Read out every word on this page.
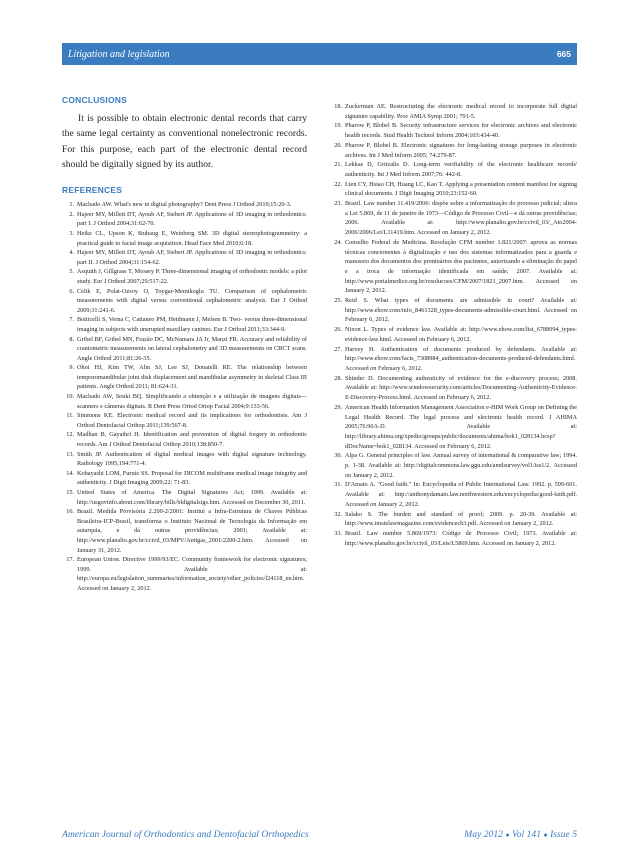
Litigation and legislation	665
CONCLUSIONS

It is possible to obtain electronic dental records that carry the same legal certainty as conventional nonelectronic records. For this purpose, each part of the electronic dental record should be digitally signed by its author.

REFERENCES
1. Machado AW. What's new in digital photography? Dent Press J Orthod 2010;15:20-3.
2. Hajeer MY, Millett DT, Ayoub AF, Siebert JP. Applications of 3D imaging in orthodontics: part I. J Orthod 2004;31:62-70.
3. Heike CL, Upson K, Stuhaug E, Weinberg SM. 3D digital stereophotogrammetry: a practical guide to facial image acquisition. Head Face Med 2010;6:18.
4. Hajeer MY, Millett DT, Ayoub AF, Siebert JP. Applications of 3D imaging in orthodontics: part II. J Orthod 2004;31:154-62.
5. Asquith J, Gillgrass T, Mossey P. Three-dimensional imaging of orthodontic models: a pilot study. Eur J Orthod 2007;29:517-22.
6. Celik E, Polat-Ozsoy O, Toygar-Memikoglu TU. Comparison of cephalometric measurements with digital versus conventional cephalometric analysis. Eur J Orthod 2009;31:241-6.
7. Botticelli S, Verna C, Cattaneo PM, Heidmann J, Melsen B. Two- versus three-dimensional imaging in subjects with unerupted maxillary canines. Eur J Orthod 2011;33:344-9.
8. Gribel BF, Gribel MN, Frazão DC, McNamara JA Jr, Manzi FR. Accuracy and reliability of craniometric measurements on lateral cephalometry and 3D measurements on CBCT scans. Angle Orthod 2011;81:26-35.
9. Ohoi HJ, Kim TW, Ahn SJ, Lee SJ, Donatelli RE. The relationship between temporomandibular joint disk displacement and mandibular asymmetry in skeletal Class III patients. Angle Orthod 2011; 81:624-31.
10. Machado AW, Souki BQ. Simplificando a obtenção e a utilização de imagens digitais—scanners e câmeras digitais. R Dent Press Ortod Ortop Facial 2004;9:133-56.
11. Simmons KE. Electronic medical record and its implications for orthodontists. Am J Orthod Dentofacial Orthop 2011;139:567-8.
12. Madhan B, Gayathri H. Identification and prevention of digital forgery in orthodontic records. Am J Orthod Dentofacial Orthop 2010;138:850-7.
13. Smith JP. Authentication of digital medical images with digital signature technology. Radiology 1995;194:771-4.
14. Kobayashi LOM, Furuie SS. Proposal for DICOM multiframe medical image integrity and authenticity. J Digit Imaging 2009;22: 71-83.
15. United States of America. The Digital Signatures Act; 1999. Available at: http://usgovinfo.about.com/library/bills/bldigitalsigs.htm. Accessed on December 30, 2011.
16. Brazil. Medida Provisória 2.200-2/2001: Institui a Infra-Estrutura de Chaves Públicas Brasileira-ICP-Brasil, transforma o Instituto Nacional de Tecnologia da Informação em autarquia, e dá outras providências; 2001; Available at: http://www.planalto.gov.br/ccivil_03/MPV/Antigas_2001/2200-2.htm. Accessed on January 31, 2012.
17. European Union. Directive 1999/93/EC. Community framework for electronic signatures; 1999. Available at: http://europa.eu/legislation_summaries/information_society/other_policies/l24118_en.htm. Accessed on January 2, 2012.
18. Zuckerman AE. Restructuring the electronic medical record to incorporate full digital signature capability. Proc AMIA Symp 2001; 791-5.
19. Pharow P, Blobel B. Security infrastructure services for electronic archives and electronic health records. Stud Health Technol Inform 2004;103:434-40.
20. Pharow P, Blobel B. Electronic signatures for long-lasting storage purposes in electronic archives. Int J Med Inform 2005; 74:279-87.
21. Lekkas D, Gritzalis D. Long-term verifiability of the electronic healthcare records' authenticity. Int J Med Inform 2007;76: 442-8.
22. Lien CY, Hsiao CH, Huang LC, Kao T. Applying a presentation content manifest for signing clinical documents. J Digit Imaging 2010;23:152-60.
23. Brazil. Law number 11.419/2006: dispõe sobre a informatização do processo judicial; altera a Lei 5.869, de 11 de janeiro de 1973—Código de Processo Civil—e dá outras providências; 2006. Available at: http://www.planalto.gov.br/ccivil_03/_Ato2004-2006/2006/Lei/L11419.htm. Accessed on January 2, 2012.
24. Conselho Federal de Medicina. Resolução CFM number 1.821/2007: aprova as normas técnicas concernentes à digitalização e uso dos sistemas informatizados para a guarda e manuseio dos documentos dos prontuários dos pacientes, autorizando a eliminação do papel e a troca de informação identificada em saúde; 2007. Available at: http://www.portalmedico.org.br/resolucoes/CFM/2007/1821_2007.htm. Accessed on January 2, 2012.
25. Reid S. What types of documents are admissible in court? Available at: http://www.ehow.com/info_8461328_types-documents-admissible-court.html. Accessed on February 6, 2012.
26. Nixon L. Types of evidence law. Available at: http://www.ehow.com/list_6788094_types-evidence-law.html. Accessed on February 6, 2012.
27. Harvey H. Authentication of documents produced by defendants. Available at: http://www.ehow.com/facts_7308984_authentication-documents-produced-defendants.html. Accessed on February 6, 2012.
28. Shinder D. Documenting authenticity of evidence for the e-discovery process; 2008. Available at: http://www.windowsecurity.com/articles/Documenting-Authenticity-Evidence-E-Discovery-Process.html. Accessed on February 6, 2012.
29. American Health Information Management Association e-HIM Work Group on Defining the Legal Health Record. The legal process and electronic health record. J AHIMA 2005;76:96A-D. Available at: http://library.ahima.org/xpedio/groups/public/documents/ahima/bok1_028134.hcsp?dDocName=bok1_028134. Accessed on February 6, 2012.
30. Alpa G. General principles of law. Annual survey of international & comparative law; 1994. p. 1-38. Available at: http://digitalcommons.law.ggu.edu/annlsurvey/vol1/iss1/2. Accessed on January 2, 2012.
31. D'Amato A. "Good faith." In: Encyclopedia of Public International Law. 1992. p. 599-601. Available at: http://anthonydamato.law.northwestern.edu/encyclopedia/good-faith.pdf. Accessed on January 2, 2012.
32. Salako S. The burden and standard of proof; 2009. p. 20-39. Available at: http://www.imstelawmagazine.com/evidencech3.pdf. Accessed on January 2, 2012.
33. Brazil. Law number 5.869/1973: Código de Processo Civil; 1973. Available at: http://www.planalto.gov.br/ccivil_03/Leis/L5869.htm. Accessed on January 2, 2012.
American Journal of Orthodontics and Dentofacial Orthopedics	May 2012 ● Vol 141 ● Issue 5
